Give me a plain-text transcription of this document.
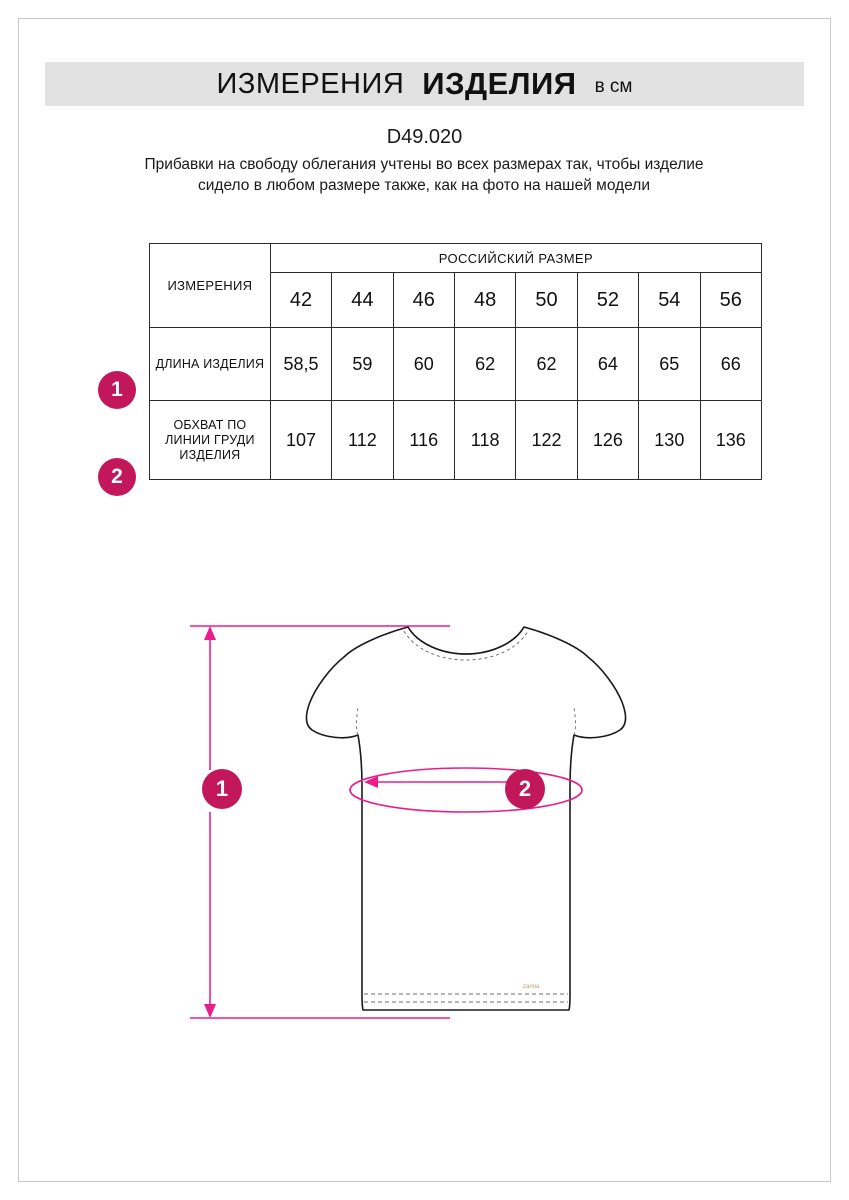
ИЗМЕРЕНИЯ ИЗДЕЛИЯ в см
D49.020
Прибавки на свободу облегания учтены во всех размерах так, чтобы изделие сидело в любом размере также, как на фото на нашей модели
ИЗМЕРЕНИЯ	РОССИЙСКИЙ РАЗМЕР							
	42	44	46	48	50	52	54	56
ДЛИНА ИЗДЕЛИЯ	58,5	59	60	62	62	64	65	66
ОБХВАТ ПО ЛИНИИ ГРУДИ ИЗДЕЛИЯ	107	112	116	118	122	126	130	136
1
2
zarina
1	2
